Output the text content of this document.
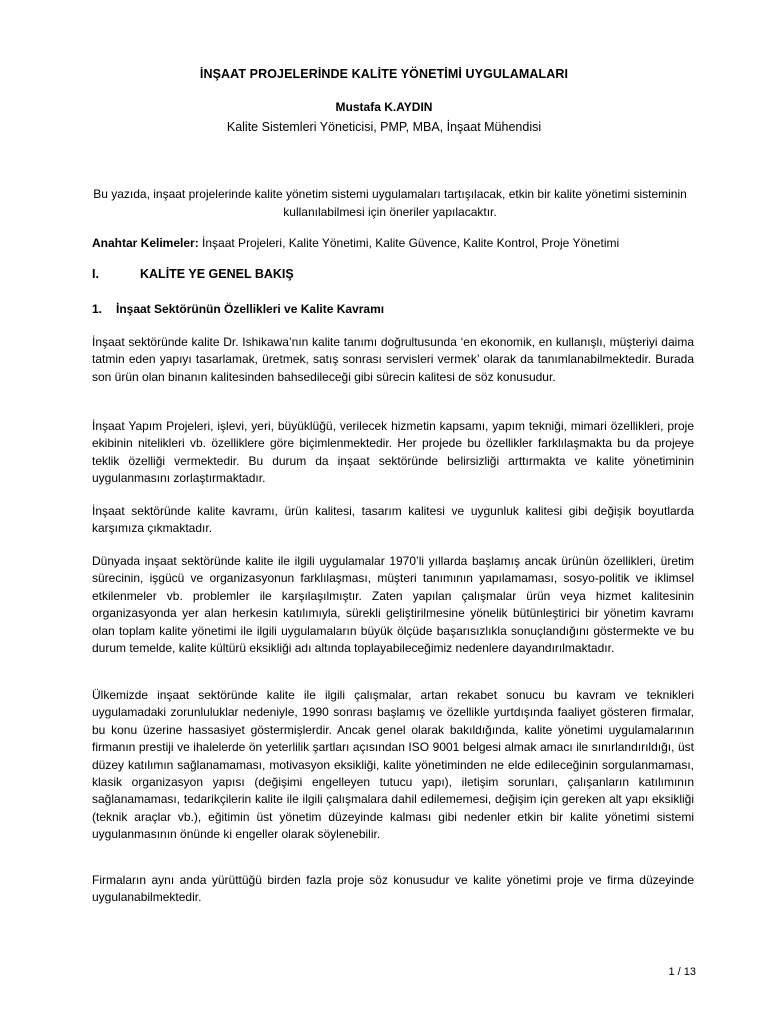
İNŞAAT PROJELERİNDE KALİTE YÖNETİMİ UYGULAMALARI
Mustafa K.AYDIN
Kalite Sistemleri Yöneticisi, PMP, MBA, İnşaat Mühendisi
Bu yazıda, inşaat projelerinde kalite yönetim sistemi uygulamaları tartışılacak, etkin bir kalite yönetimi sisteminin kullanılabilmesi için öneriler yapılacaktır.
Anahtar Kelimeler: İnşaat Projeleri, Kalite Yönetimi, Kalite Güvence, Kalite Kontrol, Proje Yönetimi
I.	KALİTE YE GENEL BAKIŞ
1. İnşaat Sektörünün Özellikleri ve Kalite Kavramı

İnşaat sektöründe kalite Dr. Ishikawa’nın kalite tanımı doğrultusunda ‘en ekonomik, en kullanışlı, müşteriyi daima tatmin eden yapıyı tasarlamak, üretmek, satış sonrası servisleri vermek’ olarak da tanımlanabilmektedir. Burada son ürün olan binanın kalitesinden bahsedileceği gibi sürecin kalitesi de söz konusudur.

İnşaat Yapım Projeleri, işlevi, yeri, büyüklüğü, verilecek hizmetin kapsamı, yapım tekniği, mimari özellikleri, proje ekibinin nitelikleri vb. özelliklere göre biçimlenmektedir. Her projede bu özellikler farklılaşmakta bu da projeye teklik özelliği vermektedir. Bu durum da inşaat sektöründe belirsizliği arttırmakta ve kalite yönetiminin uygulanmasını zorlaştırmaktadır.

İnşaat sektöründe kalite kavramı, ürün kalitesi, tasarım kalitesi ve uygunluk kalitesi gibi değişik boyutlarda karşımıza çıkmaktadır.

Dünyada inşaat sektöründe kalite ile ilgili uygulamalar 1970’li yıllarda başlamış ancak ürünün özellikleri, üretim sürecinin, işgücü ve organizasyonun farklılaşması, müşteri tanımının yapılamaması, sosyo-politik ve iklimsel etkilenmeler vb. problemler ile karşılaşılmıştır. Zaten yapılan çalışmalar ürün veya hizmet kalitesinin organizasyonda yer alan herkesin katılımıyla, sürekli geliştirilmesine yönelik bütünleştirici bir yönetim kavramı olan toplam kalite yönetimi ile ilgili uygulamaların büyük ölçüde başarısızlıkla sonuçlandığını göstermekte ve bu durum temelde, kalite kültürü eksikliği adı altında toplayabileceğimiz nedenlere dayandırılmaktadır.

Ülkemizde inşaat sektöründe kalite ile ilgili çalışmalar, artan rekabet sonucu bu kavram ve teknikleri uygulamadaki zorunluluklar nedeniyle, 1990 sonrası başlamış ve özellikle yurtdışında faaliyet gösteren firmalar, bu konu üzerine hassasiyet göstermişlerdir. Ancak genel olarak bakıldığında, kalite yönetimi uygulamalarının firmanın prestiji ve ihalelerde ön yeterlilik şartları açısından ISO 9001 belgesi almak amacı ile sınırlandırıldığı, üst düzey katılımın sağlanamaması, motivasyon eksikliği, kalite yönetiminden ne elde edileceğinin sorgulanmaması, klasik organizasyon yapısı (değişimi engelleyen tutucu yapı), iletişim sorunları, çalışanların katılımının sağlanamaması, tedarikçilerin kalite ile ilgili çalışmalara dahil edilememesi, değişim için gereken alt yapı eksikliği (teknik araçlar vb.), eğitimin üst yönetim düzeyinde kalması gibi nedenler etkin bir kalite yönetimi sistemi uygulanmasının önünde ki engeller olarak söylenebilir.

Firmaların aynı anda yürüttüğü birden fazla proje söz konusudur ve kalite yönetimi proje ve firma düzeyinde uygulanabilmektedir.

1 / 13
